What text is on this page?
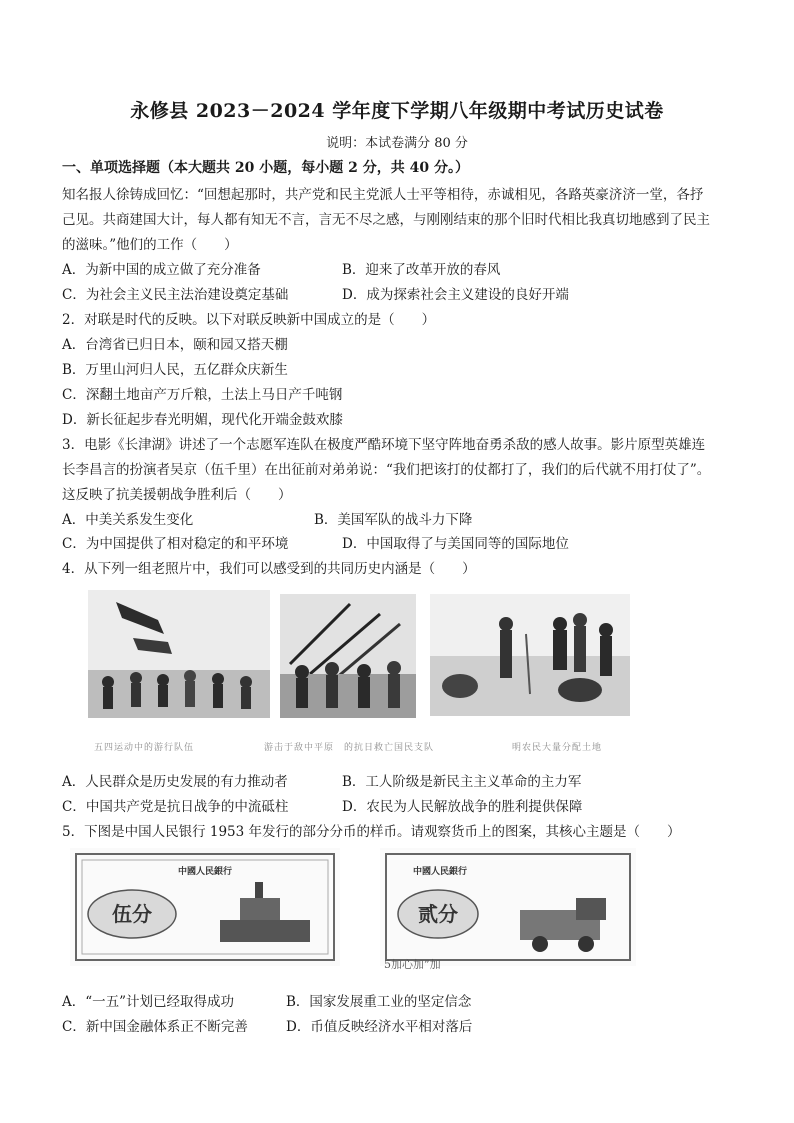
永修县 2023－2024 学年度下学期八年级期中考试历史试卷
说明：本试卷满分 80 分
一、单项选择题（本大题共 20 小题，每小题 2 分，共 40 分。）
知名报人徐铸成回忆：“回想起那时，共产党和民主党派人士平等相待，赤诚相见，各路英豪济济一堂，各抒
己见。共商建国大计，每人都有知无不言，言无不尽之感，与刚刚结束的那个旧时代相比我真切地感到了民主
的滋味。”他们的工作（　　）
A．为新中国的成立做了充分准备	B．迎来了改革开放的春风
C．为社会主义民主法治建设奠定基础	D．成为探索社会主义建设的良好开端
2．对联是时代的反映。以下对联反映新中国成立的是（　　）
A．台湾省已归日本，颐和园又搭天棚
B．万里山河归人民，五亿群众庆新生
C．深翻土地亩产万斤粮，土法上马日产千吨钢
D．新长征起步春光明媚，现代化开端金鼓欢膝
3．电影《长津湖》讲述了一个志愿军连队在极度严酷环境下坚守阵地奋勇杀敌的感人故事。影片原型英雄连
长李昌言的扮演者吴京（伍千里）在出征前对弟弟说：“我们把该打的仗都打了，我们的后代就不用打仗了”。
这反映了抗美援朝战争胜利后（　　）
A．中美关系发生变化	B．美国军队的战斗力下降
C．为中国提供了相对稳定的和平环境	D．中国取得了与美国同等的国际地位
4．从下列一组老照片中，我们可以感受到的共同历史内涵是（　　）
五四运动中的游行队伍	游击于敌中平原　的抗日救亡国民支队	明农民大量分配土地
A．人民群众是历史发展的有力推动者	B．工人阶级是新民主主义革命的主力军
C．中国共产党是抗日战争的中流砥柱	D．农民为人民解放战争的胜利提供保障
5．下图是中国人民银行 1953 年发行的部分分币的样币。请观察货币上的图案，其核心主题是（　　）
中國人民銀行
伍分
中國人民銀行
贰分
5加心加”加
A．“一五”计划已经取得成功	B．国家发展重工业的坚定信念
C．新中国金融体系正不断完善	D．币值反映经济水平相对落后
